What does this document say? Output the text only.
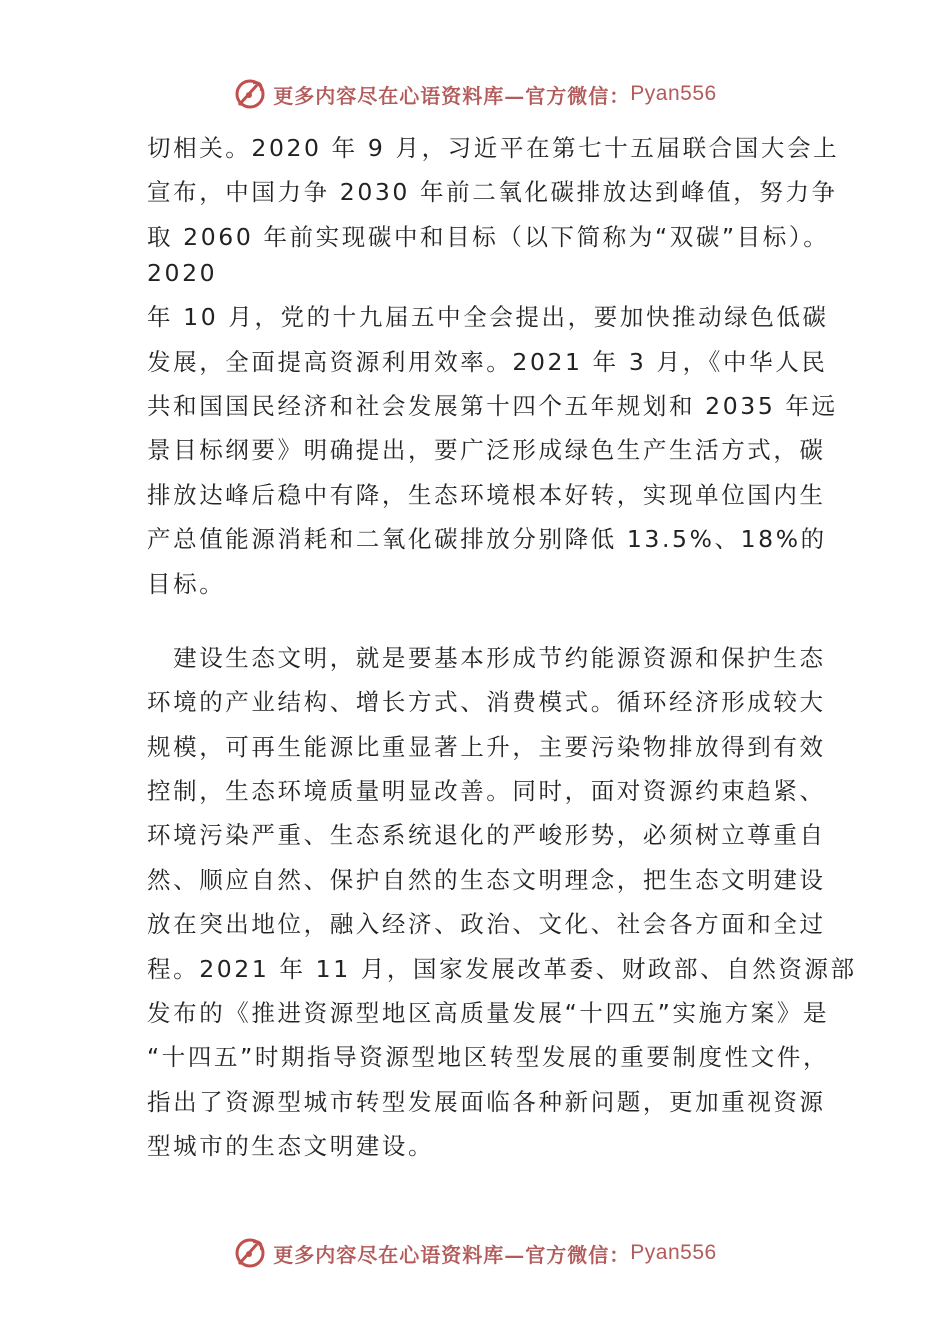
更多内容尽在心语资料库—官方微信： Pyan556
切相关。2020 年 9 月，习近平在第七十五届联合国大会上
宣布，中国力争 2030 年前二氧化碳排放达到峰值，努力争
取 2060 年前实现碳中和目标（以下简称为“双碳”目标）。
2020
年 10 月，党的十九届五中全会提出，要加快推动绿色低碳
发展，全面提高资源利用效率。2021 年 3 月，《中华人民
共和国国民经济和社会发展第十四个五年规划和 2035 年远
景目标纲要》明确提出，要广泛形成绿色生产生活方式，碳
排放达峰后稳中有降，生态环境根本好转，实现单位国内生
产总值能源消耗和二氧化碳排放分别降低 13.5%、18%的
目标。
　建设生态文明，就是要基本形成节约能源资源和保护生态
环境的产业结构、增长方式、消费模式。循环经济形成较大
规模，可再生能源比重显著上升，主要污染物排放得到有效
控制，生态环境质量明显改善。同时，面对资源约束趋紧、
环境污染严重、生态系统退化的严峻形势，必须树立尊重自
然、顺应自然、保护自然的生态文明理念，把生态文明建设
放在突出地位，融入经济、政治、文化、社会各方面和全过
程。2021 年 11 月，国家发展改革委、财政部、自然资源部
发布的《推进资源型地区高质量发展“十四五”实施方案》是
“十四五”时期指导资源型地区转型发展的重要制度性文件，
指出了资源型城市转型发展面临各种新问题，更加重视资源
型城市的生态文明建设。
更多内容尽在心语资料库—官方微信： Pyan556
